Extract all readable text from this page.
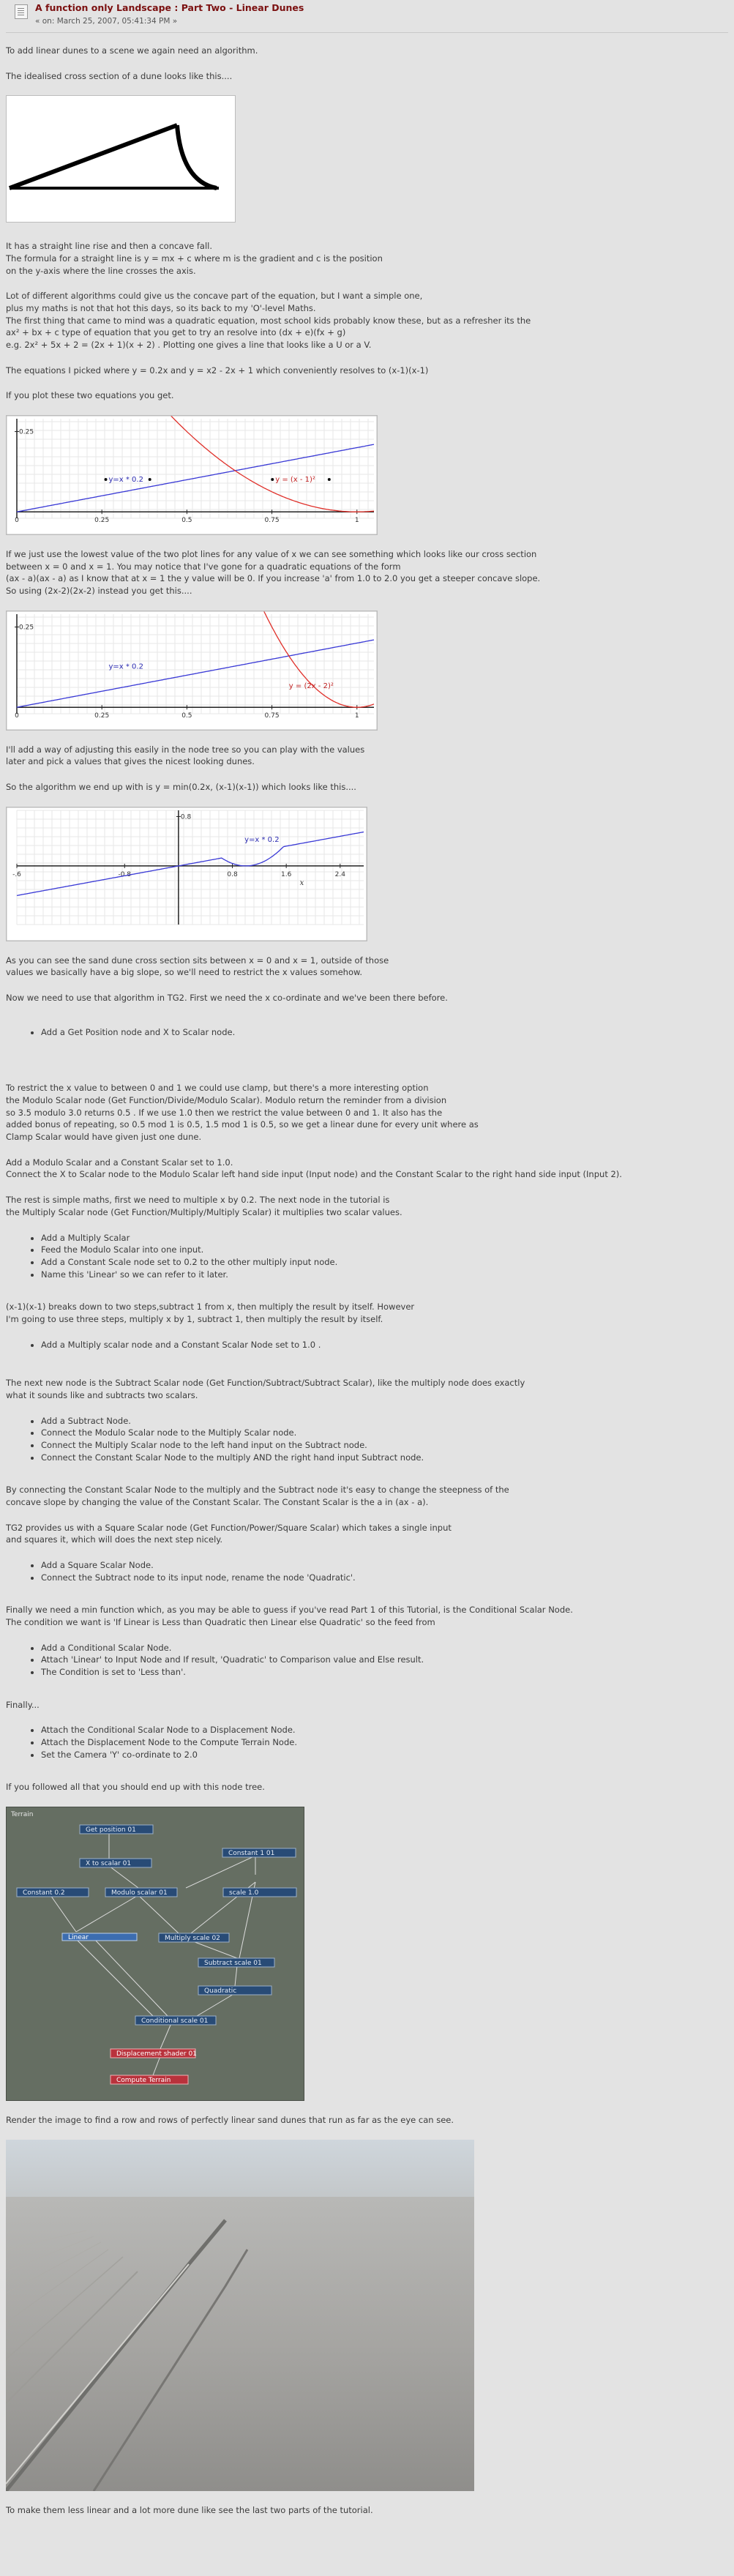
A function only Landscape : Part Two - Linear Dunes
« on: March 25, 2007, 05:41:34 PM »

To add linear dunes to a scene we again need an algorithm.

The idealised cross section of a dune looks like this....

It has a straight line rise and then a concave fall.
The formula for a straight line is y = mx + c where m is the gradient and c is the position
on the y-axis where the line crosses the axis.
Lot of different algorithms could give us the concave part of the equation, but I want a simple one,
plus my maths is not that hot this days, so its back to my 'O'-level Maths.
The first thing that came to mind was a quadratic equation, most school kids probably know these, but as a refresher its the
ax² + bx + c type of equation that you get to try an resolve into (dx + e)(fx + g)
e.g. 2x² + 5x + 2 = (2x + 1)(x + 2) . Plotting one gives a line that looks like a U or a V.

The equations I picked where y = 0.2x and y = x2 - 2x + 1 which conveniently resolves to (x-1)(x-1)

If you plot these two equations you get.

0	0.25	0.5	0.75	1
0.25
y=x * 0.2	y = (x - 1)²
If we just use the lowest value of the two plot lines for any value of x we can see something which looks like our cross section
between x = 0 and x = 1. You may notice that I've gone for a quadratic equations of the form
(ax - a)(ax - a) as I know that at x = 1 the y value will be 0. If you increase 'a' from 1.0 to 2.0 you get a steeper concave slope.
So using (2x-2)(2x-2) instead you get this....
0	0.25	0.5	0.75	1
0.25
y=x * 0.2
y = (2x - 2)²
I'll add a way of adjusting this easily in the node tree so you can play with the values
later and pick a values that gives the nicest looking dunes.

So the algorithm we end up with is y = min(0.2x, (x-1)(x-1)) which looks like this....

-.6	-0.8	0.8	1.6	2.4
0.8
x
y=x * 0.2
As you can see the sand dune cross section sits between x = 0 and x = 1, outside of those
values we basically have a big slope, so we'll need to restrict the x values somehow.

Now we need to use that algorithm in TG2. First we need the x co-ordinate and we've been there before.

• Add a Get Position node and X to Scalar node.
To restrict the x value to between 0 and 1 we could use clamp, but there's a more interesting option
the Modulo Scalar node (Get Function/Divide/Modulo Scalar). Modulo return the reminder from a division
so 3.5 modulo 3.0 returns 0.5 . If we use 1.0 then we restrict the value between 0 and 1. It also has the
added bonus of repeating, so 0.5 mod 1 is 0.5, 1.5 mod 1 is 0.5, so we get a linear dune for every unit where as
Clamp Scalar would have given just one dune.
Add a Modulo Scalar and a Constant Scalar set to 1.0.
Connect the X to Scalar node to the Modulo Scalar left hand side input (Input node) and the Constant Scalar to the right hand side input (Input 2).
The rest is simple maths, first we need to multiple x by 0.2. The next node in the tutorial is
the Multiply Scalar node (Get Function/Multiply/Multiply Scalar) it multiplies two scalar values.
• Add a Multiply Scalar
• Feed the Modulo Scalar into one input.
• Add a Constant Scale node set to 0.2 to the other multiply input node.
• Name this 'Linear' so we can refer to it later.
(x-1)(x-1) breaks down to two steps,subtract 1 from x, then multiply the result by itself. However
I'm going to use three steps, multiply x by 1, subtract 1, then multiply the result by itself.
• Add a Multiply scalar node and a Constant Scalar Node set to 1.0 .
The next new node is the Subtract Scalar node (Get Function/Subtract/Subtract Scalar), like the multiply node does exactly
what it sounds like and subtracts two scalars.
• Add a Subtract Node.
• Connect the Modulo Scalar node to the Multiply Scalar node.
• Connect the Multiply Scalar node to the left hand input on the Subtract node.
• Connect the Constant Scalar Node to the multiply AND the right hand input Subtract node.
By connecting the Constant Scalar Node to the multiply and the Subtract node it's easy to change the steepness of the
concave slope by changing the value of the Constant Scalar. The Constant Scalar is the a in (ax - a).
TG2 provides us with a Square Scalar node (Get Function/Power/Square Scalar) which takes a single input
and squares it, which will does the next step nicely.
• Add a Square Scalar Node.
• Connect the Subtract node to its input node, rename the node 'Quadratic'.
Finally we need a min function which, as you may be able to guess if you've read Part 1 of this Tutorial, is the Conditional Scalar Node.
The condition we want is 'If Linear is Less than Quadratic then Linear else Quadratic' so the feed from
• Add a Conditional Scalar Node.
• Attach 'Linear' to Input Node and If result, 'Quadratic' to Comparison value and Else result.
• The Condition is set to 'Less than'.

Finally...

• Attach the Conditional Scalar Node to a Displacement Node.
• Attach the Displacement Node to the Compute Terrain Node.
• Set the Camera 'Y' co-ordinate to 2.0

If you followed all that you should end up with this node tree.

Terrain
Get position 01
X to scalar 01
Constant 1 01
Constant 0.2	Modulo scalar 01	scale 1.0
Linear	Multiply scale 02
Subtract scale 01
Quadratic
Conditional scale 01
Displacement shader 01
Compute Terrain

Render the image to find a row and rows of perfectly linear sand dunes that run as far as the eye can see.

To make them less linear and a lot more dune like see the last two parts of the tutorial.
